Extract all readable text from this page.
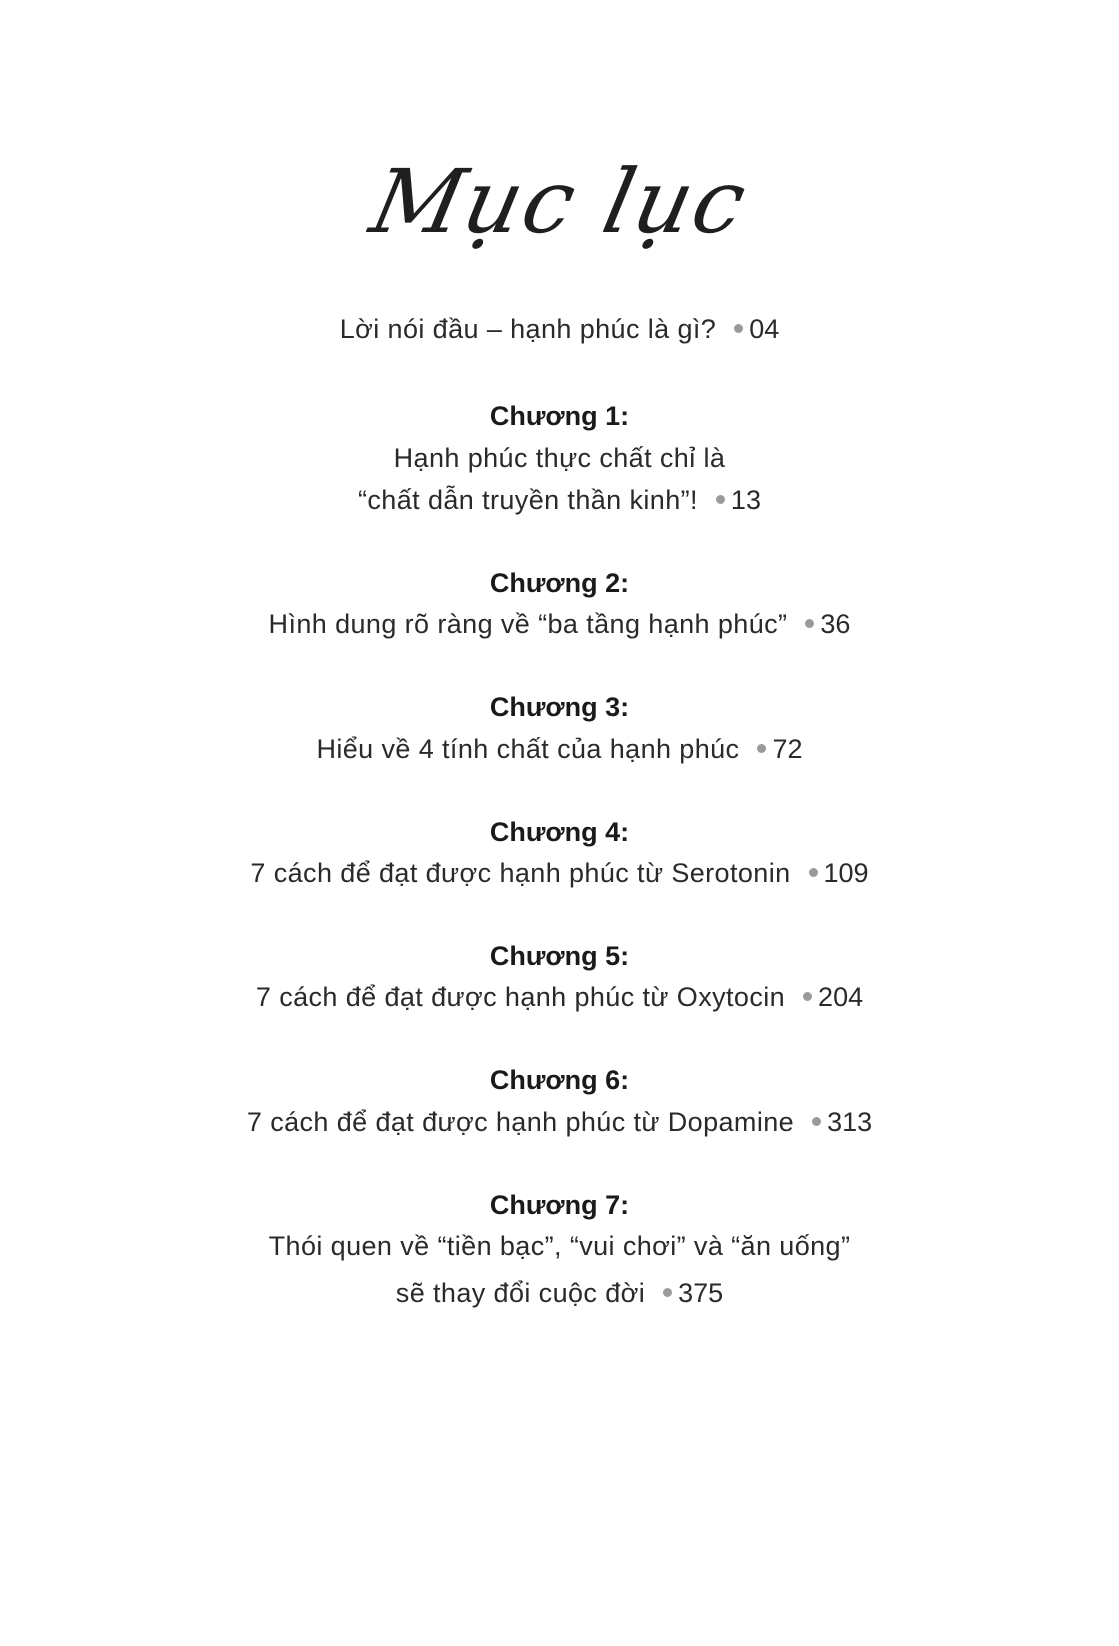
Mục lục
Lời nói đầu – hạnh phúc là gì? 04
Chương 1:
Hạnh phúc thực chất chỉ là
“chất dẫn truyền thần kinh”! 13
Chương 2:
Hình dung rõ ràng về “ba tầng hạnh phúc” 36
Chương 3:
Hiểu về 4 tính chất của hạnh phúc 72
Chương 4:
7 cách để đạt được hạnh phúc từ Serotonin 109
Chương 5:
7 cách để đạt được hạnh phúc từ Oxytocin 204
Chương 6:
7 cách để đạt được hạnh phúc từ Dopamine 313
Chương 7:
Thói quen về “tiền bạc”, “vui chơi” và “ăn uống”
sẽ thay đổi cuộc đời 375
